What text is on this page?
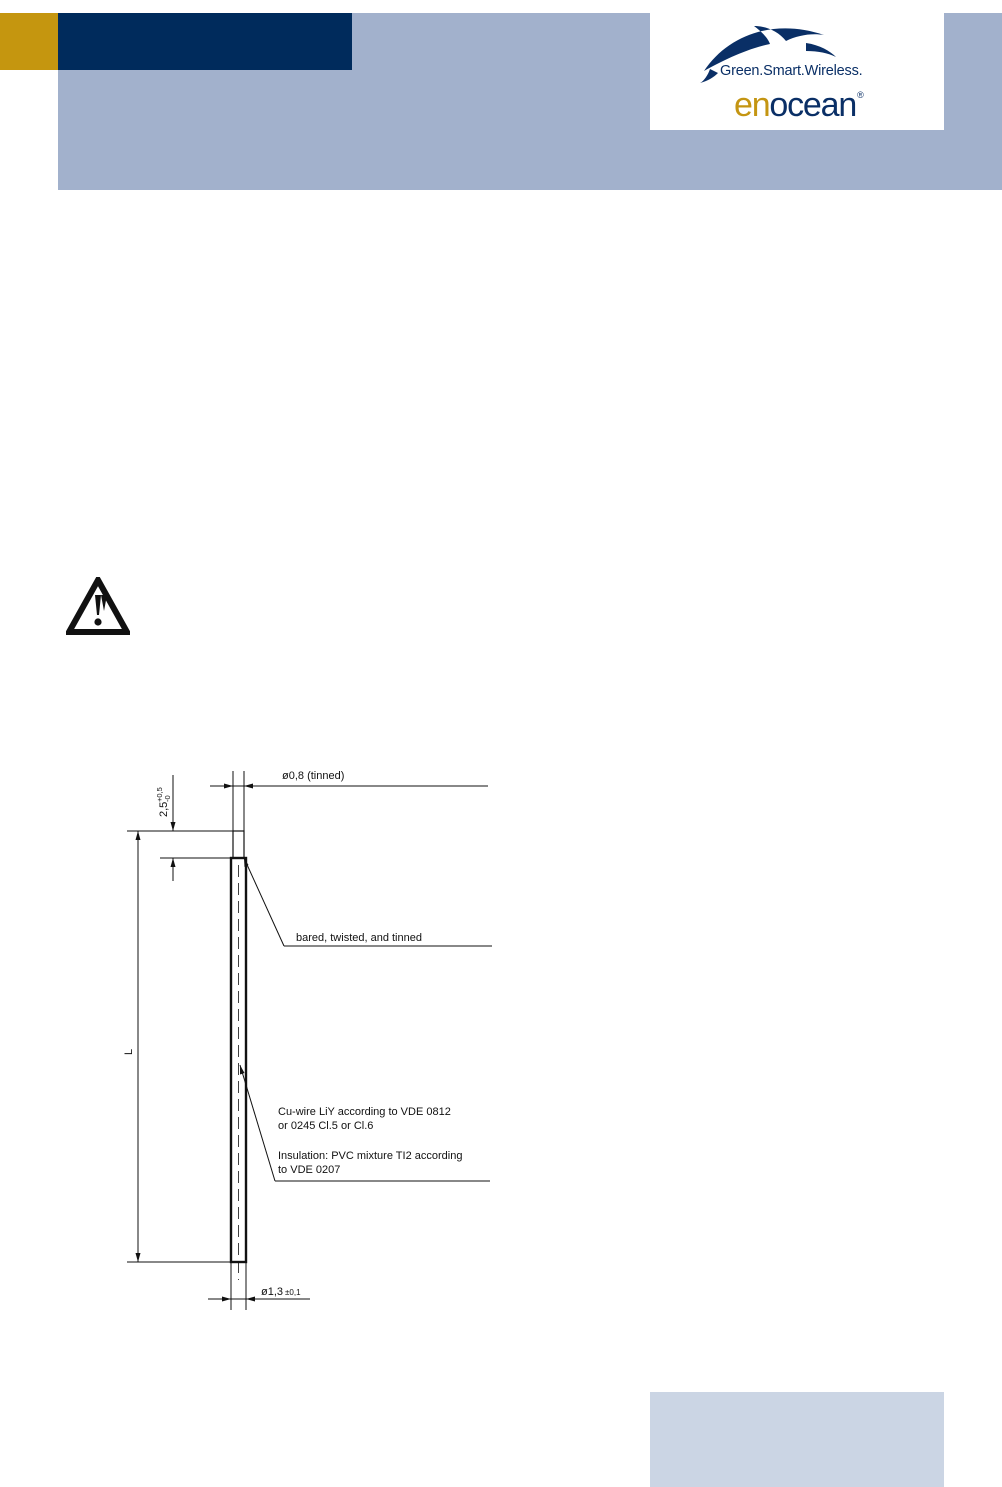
Green.Smart.Wireless.
enocean®
2,5
+0,5 -0
ø0,8 (tinned)
bared, twisted, and tinned
L
Cu-wire LiY according to VDE 0812
or 0245 Cl.5 or Cl.6
Insulation: PVC mixture TI2 according
to VDE 0207
ø1,3 ±0,1
